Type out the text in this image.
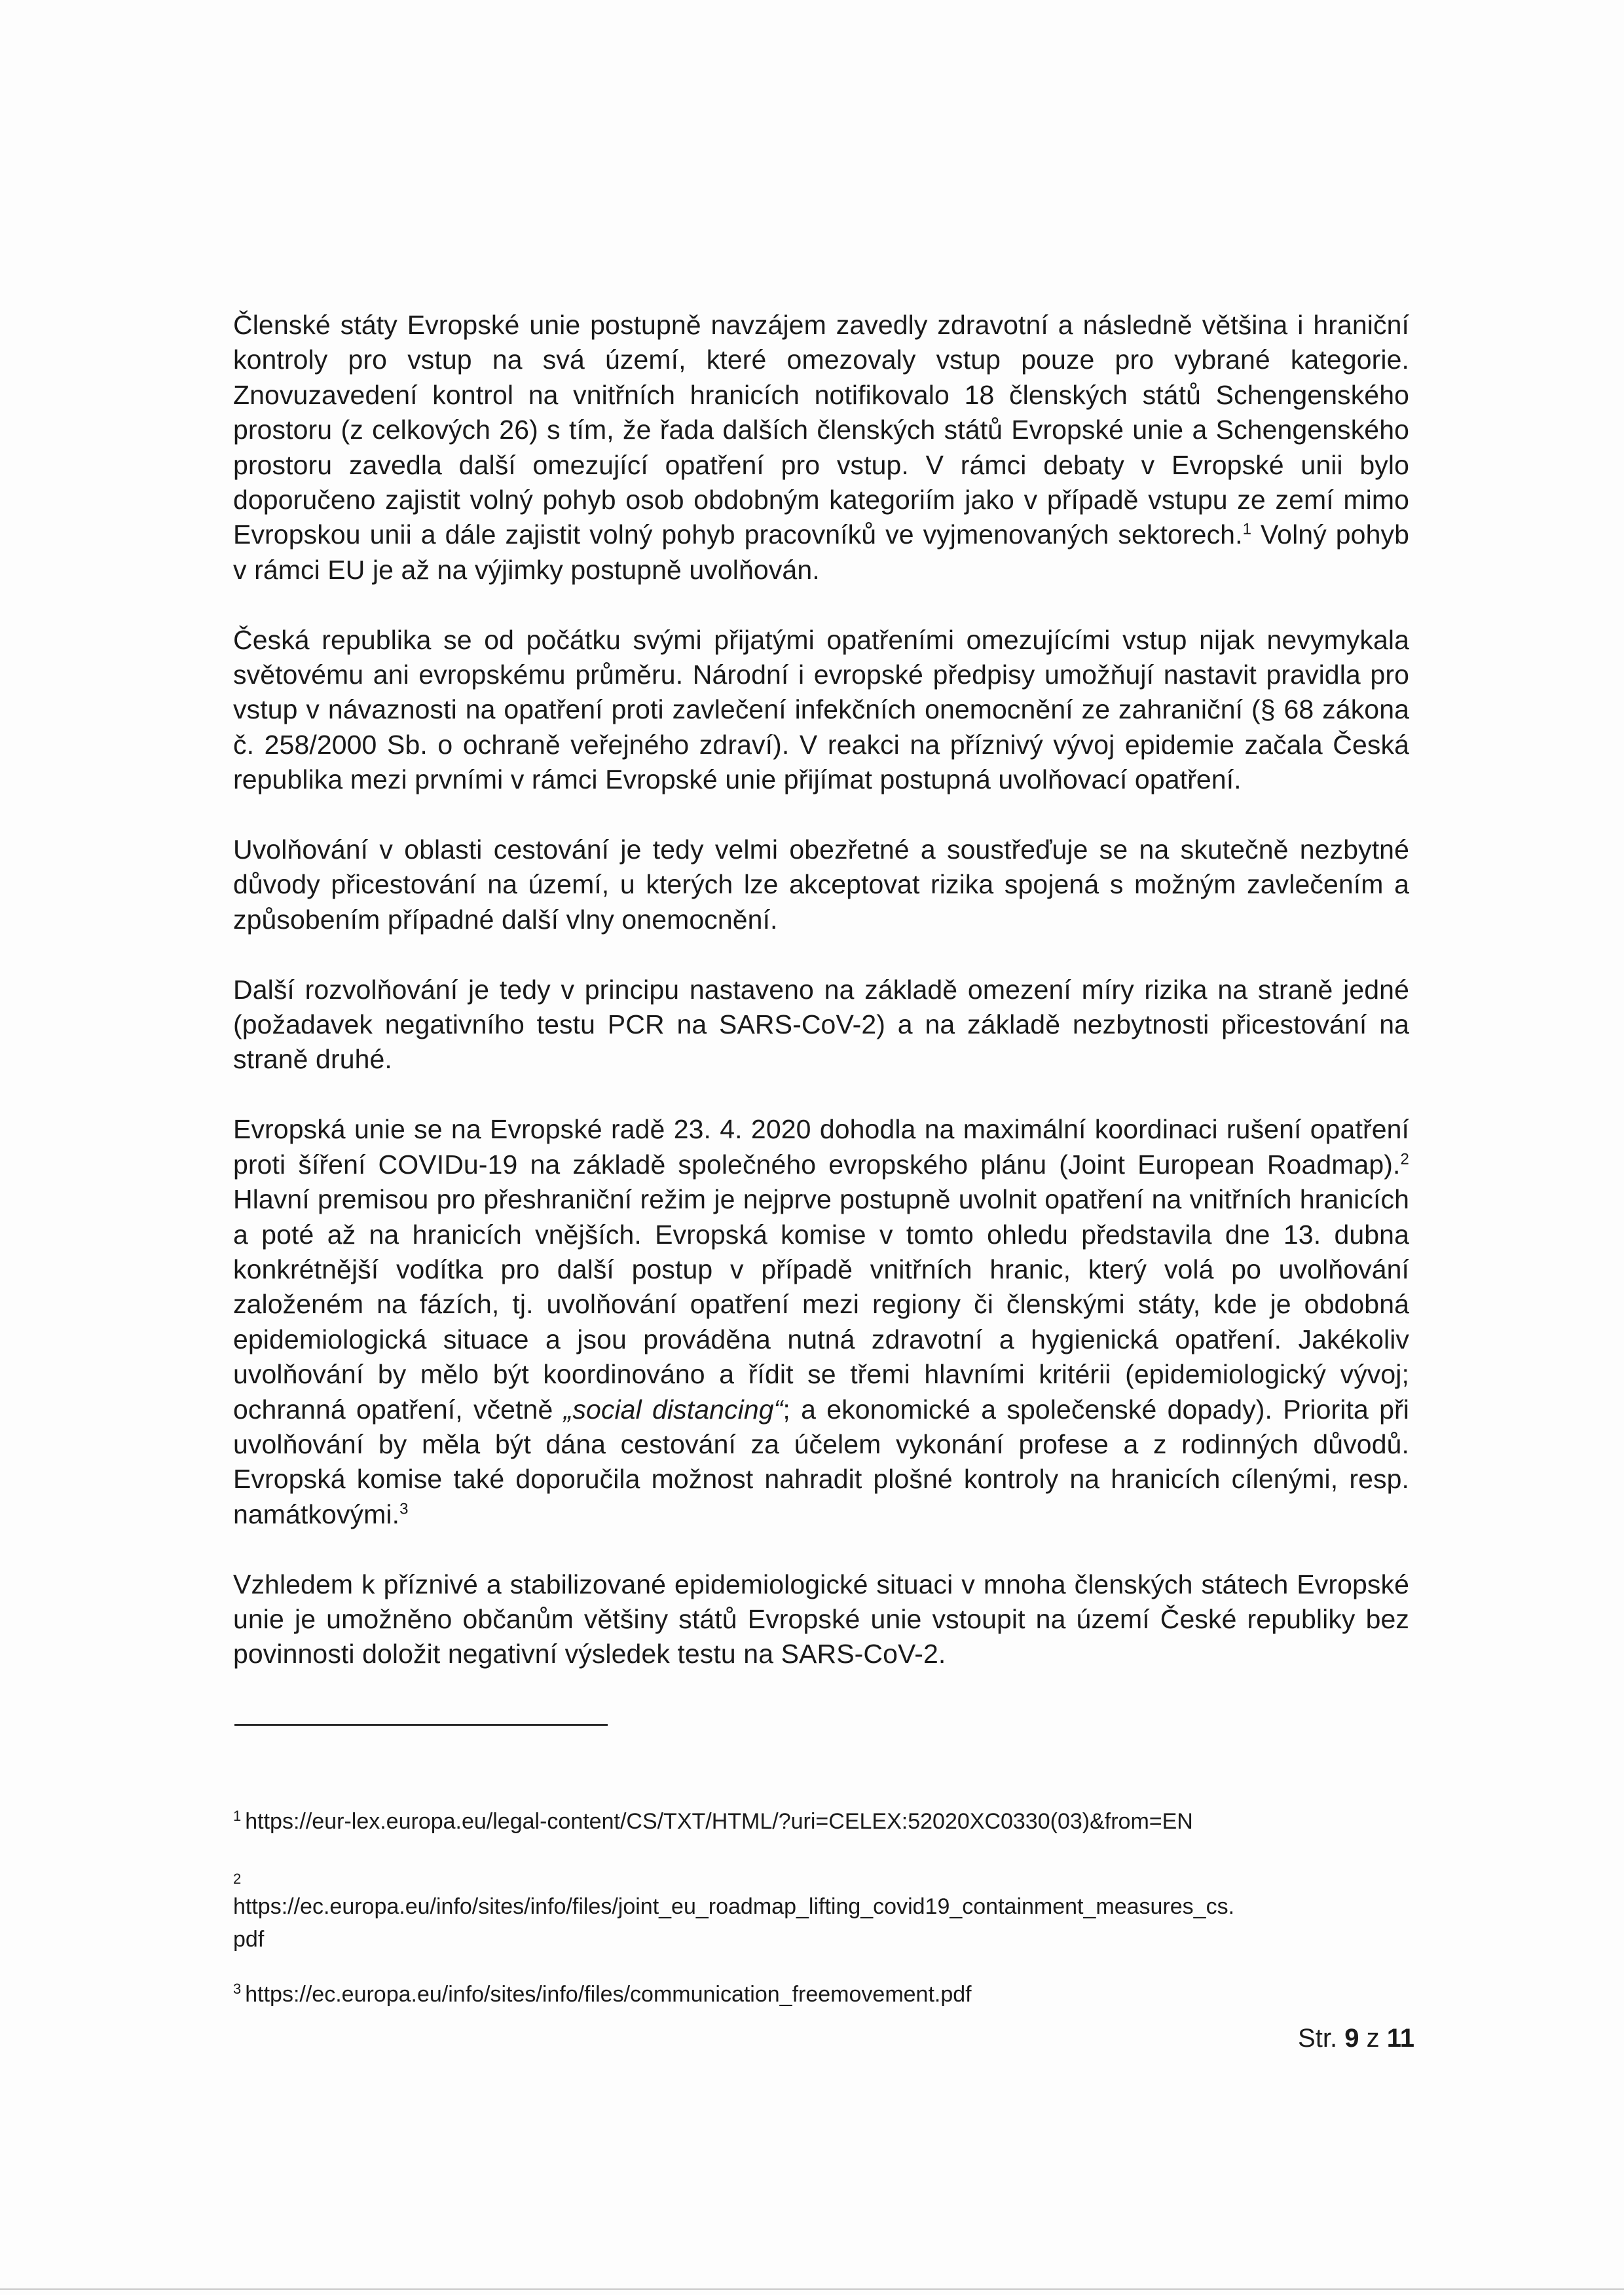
Členské státy Evropské unie postupně navzájem zavedly zdravotní a následně většina i hraniční kontroly pro vstup na svá území, které omezovaly vstup pouze pro vybrané kategorie. Znovuzavedení kontrol na vnitřních hranicích notifikovalo 18 členských států Schengenského prostoru (z celkových 26) s tím, že řada dalších členských států Evropské unie a Schengenského prostoru zavedla další omezující opatření pro vstup. V rámci debaty v Evropské unii bylo doporučeno zajistit volný pohyb osob obdobným kategoriím jako v případě vstupu ze zemí mimo Evropskou unii a dále zajistit volný pohyb pracovníků ve vyjmenovaných sektorech.$^1$ Volný pohyb v rámci EU je až na výjimky postupně uvolňován.

Česká republika se od počátku svými přijatými opatřeními omezujícími vstup nijak nevymykala světovému ani evropskému průměru. Národní i evropské předpisy umožňují nastavit pravidla pro vstup v návaznosti na opatření proti zavlečení infekčních onemocnění ze zahraniční (§ 68 zákona č. 258/2000 Sb. o ochraně veřejného zdraví). V reakci na příznivý vývoj epidemie začala Česká republika mezi prvními v rámci Evropské unie přijímat postupná uvolňovací opatření.

Uvolňování v oblasti cestování je tedy velmi obezřetné a soustřeďuje se na skutečně nezbytné důvody přicestování na území, u kterých lze akceptovat rizika spojená s možným zavlečením a způsobením případné další vlny onemocnění.

Další rozvolňování je tedy v principu nastaveno na základě omezení míry rizika na straně jedné (požadavek negativního testu PCR na SARS-CoV-2) a na základě nezbytnosti přicestování na straně druhé.

Evropská unie se na Evropské radě 23. 4. 2020 dohodla na maximální koordinaci rušení opatření proti šíření COVIDu-19 na základě společného evropského plánu (Joint European Roadmap).$^2$ Hlavní premisou pro přeshraniční režim je nejprve postupně uvolnit opatření na vnitřních hranicích a poté až na hranicích vnějších. Evropská komise v tomto ohledu představila dne 13. dubna konkrétnější vodítka pro další postup v případě vnitřních hranic, který volá po uvolňování založeném na fázích, tj. uvolňování opatření mezi regiony či členskými státy, kde je obdobná epidemiologická situace a jsou prováděna nutná zdravotní a hygienická opatření. Jakékoliv uvolňování by mělo být koordinováno a řídit se třemi hlavními kritérii (epidemiologický vývoj; ochranná opatření, včetně „social distancing“; a ekonomické a společenské dopady). Priorita při uvolňování by měla být dána cestování za účelem vykonání profese a z rodinných důvodů. Evropská komise také doporučila možnost nahradit plošné kontroly na hranicích cílenými, resp. namátkovými.$^3$

Vzhledem k příznivé a stabilizované epidemiologické situaci v mnoha členských státech Evropské unie je umožněno občanům většiny států Evropské unie vstoupit na území České republiky bez povinnosti doložit negativní výsledek testu na SARS-CoV-2.

$^1$ https://eur-lex.europa.eu/legal-content/CS/TXT/HTML/?uri=CELEX:52020XC0330(03)&from=EN
2
https://ec.europa.eu/info/sites/info/files/joint_eu_roadmap_lifting_covid19_containment_measures_cs.
pdf
$^3$ https://ec.europa.eu/info/sites/info/files/communication_freemovement.pdf
Str. 9 z 11
